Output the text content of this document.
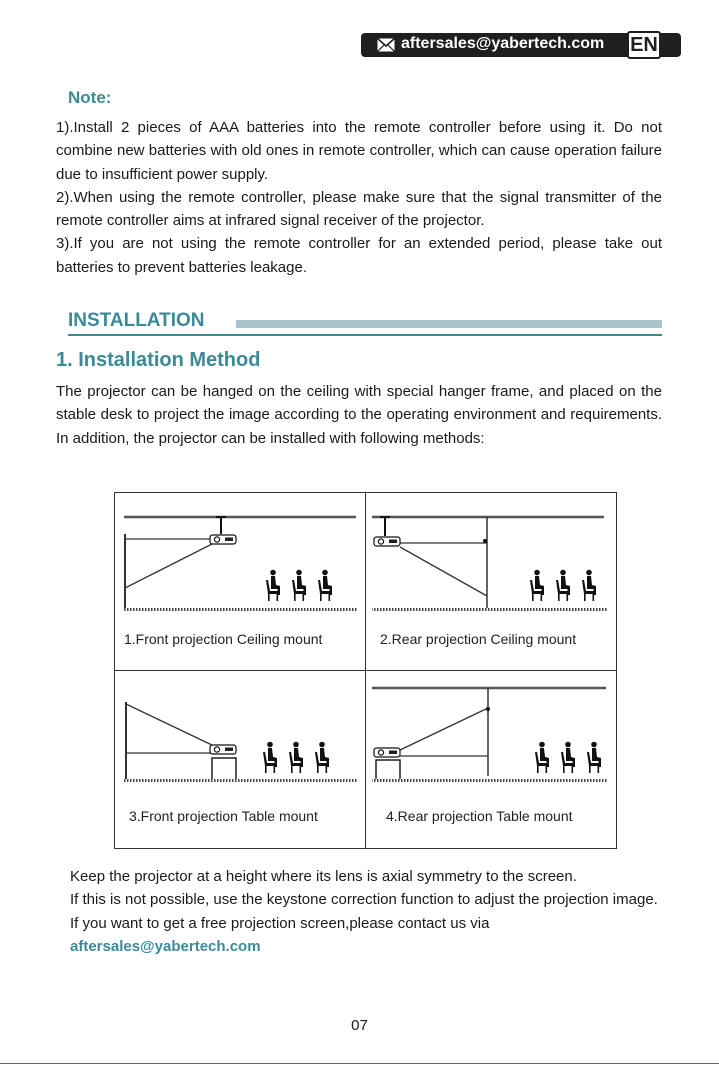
aftersales@yabertech.com EN
Note:

1).Install 2 pieces of AAA batteries into the remote controller before using it. Do not combine new batteries with old ones in remote controller, which can cause operation failure due to insufficient power supply.

2).When using the remote controller, please make sure that the signal transmitter of the remote controller aims at infrared signal receiver of the projector.

3).If you are not using the remote controller for an extended period, please take out batteries to prevent batteries leakage.

INSTALLATION
1. Installation Method

The projector can be hanged on the ceiling with special hanger frame, and placed on the stable desk to project the image according to the operating environment and requirements. In addition, the projector can be installed with following methods:

1.Front projection Ceiling mount	2.Rear projection Ceiling mount
3.Front projection Table mount	4.Rear projection Table mount

Keep the projector at a height where its lens is axial symmetry to the screen.

If this is not possible, use the keystone correction function to adjust the projection image.

If you want to get a free projection screen,please contact us via

aftersales@yabertech.com

07
